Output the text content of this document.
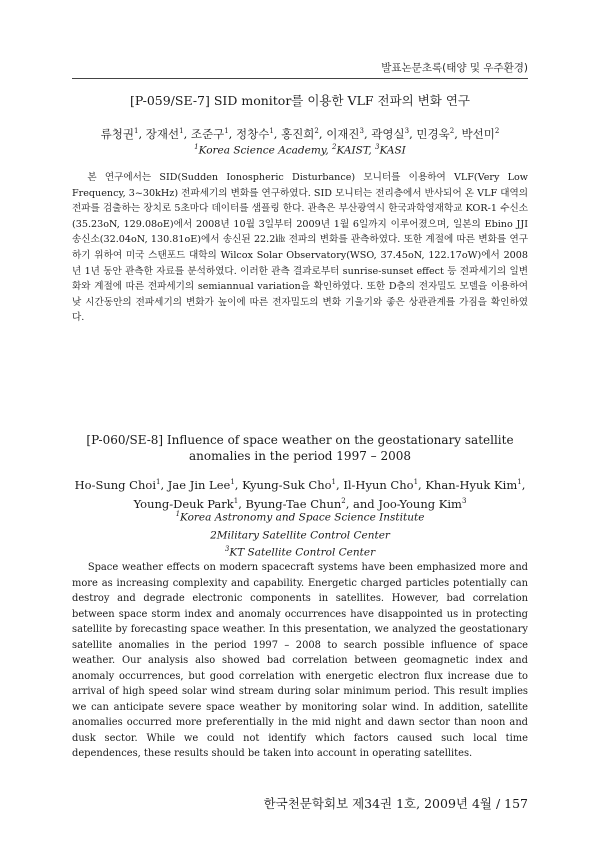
발표논문초록(태양 및 우주환경)
[P-059/SE-7] SID monitor를 이용한 VLF 전파의 변화 연구
류청권$^1$, 장재선$^1$, 조준구$^1$, 정창수$^1$, 홍진희$^2$, 이재진$^3$, 곽영실$^3$, 민경욱$^2$, 박선미$^2$
$^1$Korea Science Academy, $^2$KAIST, $^3$KASI
본 연구에서는 SID(Sudden Ionospheric Disturbance) 모니터를 이용하여 VLF(Very Low Frequency, 3~30kHz) 전파세기의 변화를 연구하였다. SID 모니터는 전리층에서 반사되어 온 VLF 대역의 전파를 검출하는 장치로 5초마다 데이터를 샘플링 한다. 관측은 부산광역시 한국과학영재학교 KOR-1 수신소(35.23oN, 129.08oE)에서 2008년 10월 3일부터 2009년 1월 6일까지 이루어졌으며, 일본의 Ebino JJI 송신소(32.04oN, 130.81oE)에서 송신된 22.2㎑ 전파의 변화를 관측하였다. 또한 계절에 따른 변화를 연구하기 위하여 미국 스탠포드 대학의 Wilcox Solar Observatory(WSO, 37.45oN, 122.17oW)에서 2008년 1년 동안 관측한 자료를 분석하였다. 이러한 관측 결과로부터 sunrise-sunset effect 등 전파세기의 일변화와 계절에 따른 전파세기의 semiannual variation을 확인하였다. 또한 D층의 전자밀도 모델을 이용하여 낮 시간동안의 전파세기의 변화가 높이에 따른 전자밀도의 변화 기울기와 좋은 상관관계를 가짐을 확인하였다.
[P-060/SE-8] Influence of space weather on the geostationary satellite
anomalies in the period 1997 – 2008
Ho-Sung Choi$^1$, Jae Jin Lee$^1$, Kyung-Suk Cho$^1$, Il-Hyun Cho$^1$, Khan-Hyuk Kim$^1$,
Young-Deuk Park$^1$, Byung-Tae Chun$^2$, and Joo-Young Kim$^3$
$^1$Korea Astronomy and Space Science Institute
2Military Satellite Control Center
$^3$KT Satellite Control Center
Space weather effects on modern spacecraft systems have been emphasized more and more as increasing complexity and capability. Energetic charged particles potentially can destroy and degrade electronic components in satellites. However, bad correlation between space storm index and anomaly occurrences have disappointed us in protecting satellite by forecasting space weather. In this presentation, we analyzed the geostationary satellite anomalies in the period 1997 – 2008 to search possible influence of space weather. Our analysis also showed bad correlation between geomagnetic index and anomaly occurrences, but good correlation with energetic electron flux increase due to arrival of high speed solar wind stream during solar minimum period. This result implies we can anticipate severe space weather by monitoring solar wind. In addition, satellite anomalies occurred more preferentially in the mid night and dawn sector than noon and dusk sector. While we could not identify which factors caused such local time dependences, these results should be taken into account in operating satellites.
한국천문학회보 제34권 1호, 2009년 4월 / 157
